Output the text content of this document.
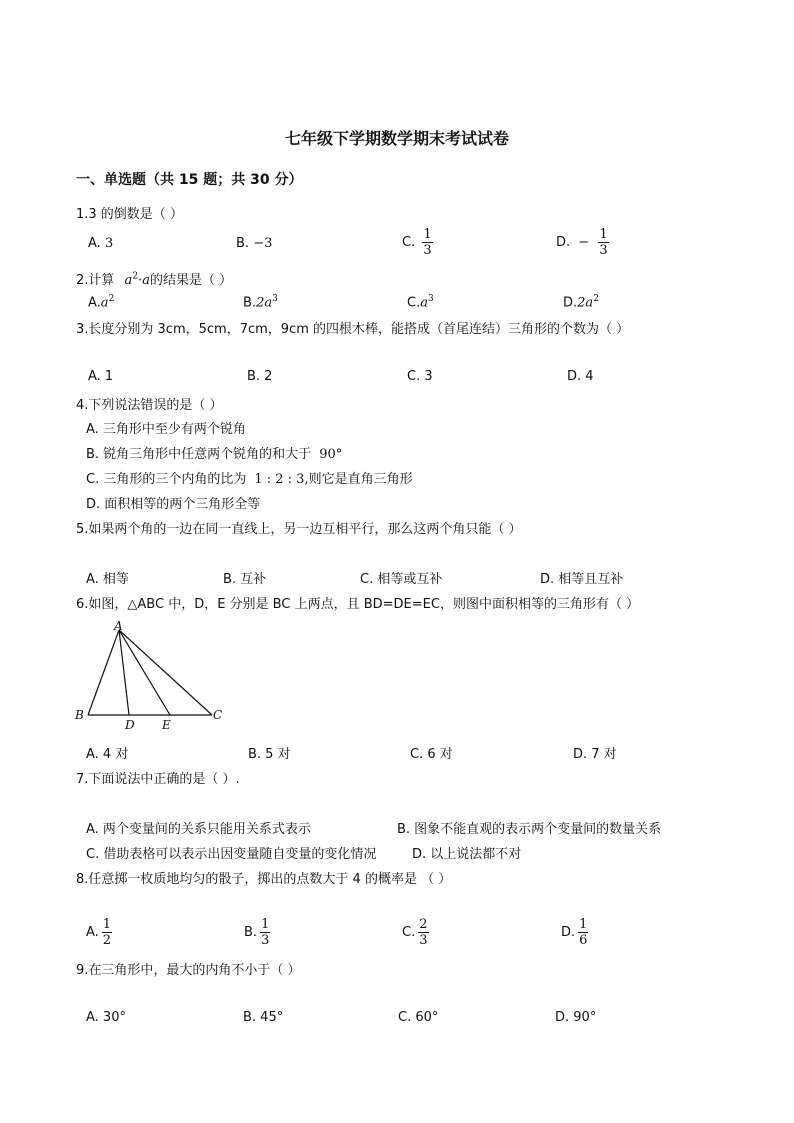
七年级下学期数学期末考试试卷
一、单选题（共 15 题；共 30 分）
1.3 的倒数是（ ）
A. 3	B. −3	C. $\frac{1}{3}$	D. − $\frac{1}{3}$
2.计算 $a^2\cdot a$的结果是（ ）
$A.a^2$	$B.2a^3$	$C.a^3$	$D.2a^2$
3.长度分别为 3cm，5cm，7cm，9cm 的四根木棒，能搭成（首尾连结）三角形的个数为（ ）
A. 1	B. 2	C. 3	D. 4
4.下列说法错误的是（ ）
A. 三角形中至少有两个锐角
B. 锐角三角形中任意两个锐角的和大于 90°
C. 三角形的三个内角的比为 1 : 2 : 3,则它是直角三角形
D. 面积相等的两个三角形全等
5.如果两个角的一边在同一直线上，另一边互相平行，那么这两个角只能（ ）
A. 相等	B. 互补	C. 相等或互补	D. 相等且互补
6.如图，△ABC 中，D，E 分别是 BC 上两点，且 BD=DE=EC，则图中面积相等的三角形有（ ）
A
B	C
D E
A. 4 对	B. 5 对	C. 6 对	D. 7 对
7.下面说法中正确的是（ ）.
A. 两个变量间的关系只能用关系式表示	B. 图象不能直观的表示两个变量间的数量关系
C. 借助表格可以表示出因变量随自变量的变化情况	D. 以上说法都不对
8.任意掷一枚质地均匀的骰子，掷出的点数大于 4 的概率是 （ ）
A. $\frac{1}{2}$	B. $\frac{1}{3}$	C. $\frac{2}{3}$	D. $\frac{1}{6}$
9.在三角形中，最大的内角不小于（ ）
A. 30°	B. 45°	C. 60°	D. 90°
